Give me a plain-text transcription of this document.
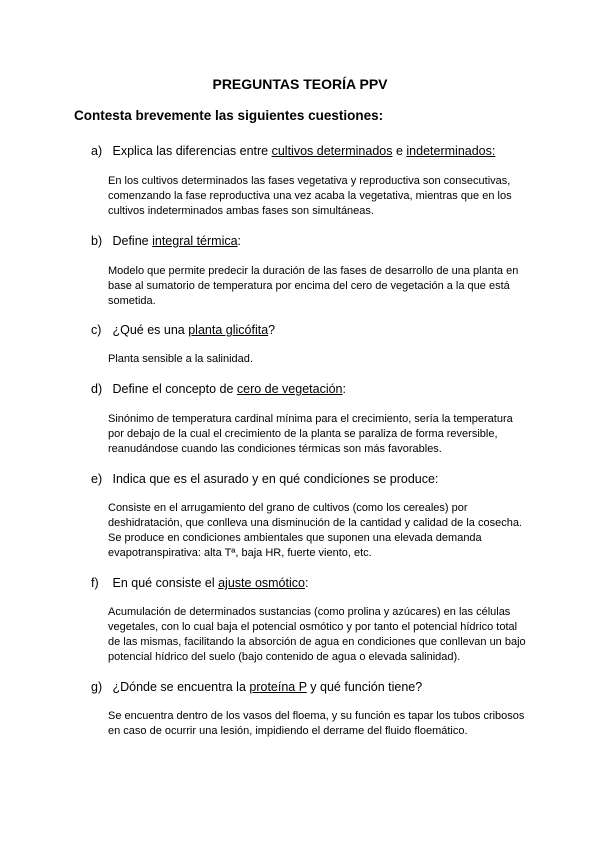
PREGUNTAS TEORÍA PPV
Contesta brevemente las siguientes cuestiones:
a) Explica las diferencias entre cultivos determinados e indeterminados:
En los cultivos determinados las fases vegetativa y reproductiva son consecutivas, comenzando la fase reproductiva una vez acaba la vegetativa, mientras que en los cultivos indeterminados ambas fases son simultáneas.
b) Define integral térmica:
Modelo que permite predecir la duración de las fases de desarrollo de una planta en base al sumatorio de temperatura por encima del cero de vegetación a la que está sometida.
c) ¿Qué es una planta glicófita?
Planta sensible a la salinidad.
d) Define el concepto de cero de vegetación:
Sinónimo de temperatura cardinal mínima para el crecimiento, sería la temperatura por debajo de la cual el crecimiento de la planta se paraliza de forma reversible, reanudándose cuando las condiciones térmicas son más favorables.
e) Indica que es el asurado y en qué condiciones se produce:
Consiste en el arrugamiento del grano de cultivos (como los cereales) por deshidratación, que conlleva una disminución de la cantidad y calidad de la cosecha. Se produce en condiciones ambientales que suponen una elevada demanda evapotranspirativa: alta Tª, baja HR, fuerte viento, etc.
f) En qué consiste el ajuste osmótico:
Acumulación de determinados sustancias (como prolina y azúcares) en las células vegetales, con lo cual baja el potencial osmótico y por tanto el potencial hídrico total de las mismas, facilitando la absorción de agua en condiciones que conllevan un bajo potencial hídrico del suelo (bajo contenido de agua o elevada salinidad).
g) ¿Dónde se encuentra la proteína P y qué función tiene?
Se encuentra dentro de los vasos del floema, y su función es tapar los tubos cribosos en caso de ocurrir una lesión, impidiendo el derrame del fluido floemático.
